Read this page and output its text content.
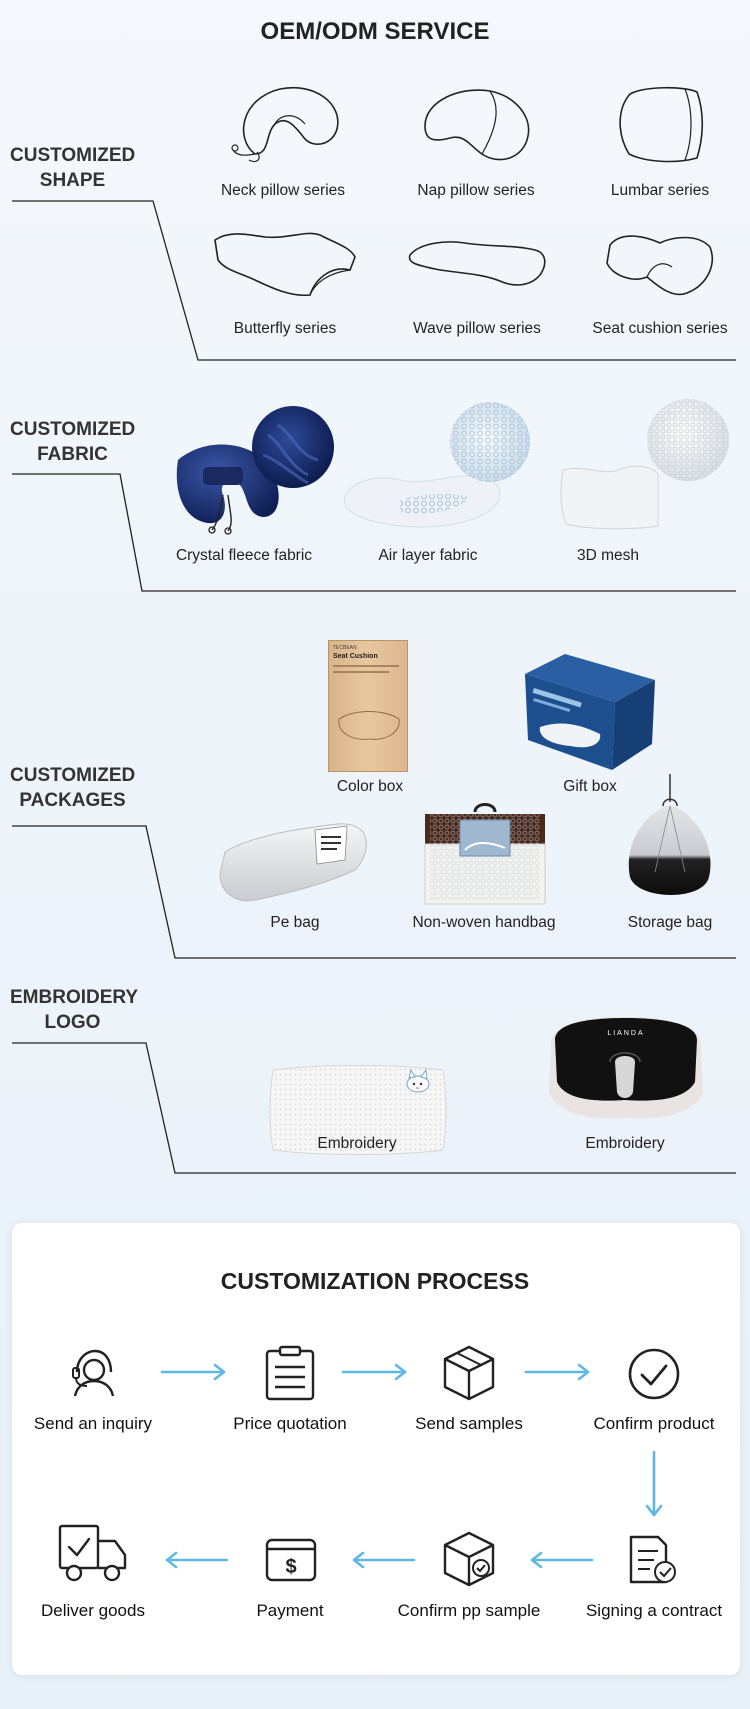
OEM/ODM SERVICE
CUSTOMIZED
SHAPE	Neck pillow series	Nap pillow series	Lumbar series
Butterfly series	Wave pillow series	Seat cushion series
CUSTOMIZED
FABRIC
Crystal fleece fabric	Air layer fabric	3D mesh
CUSTOMIZED
PACKAGES
TECBEAN
Seat Cushion
Color box	Gift box
Pe bag	Non-woven handbag	Storage bag
EMBROIDERY
LOGO
Embroidery
LIANDA
Embroidery
CUSTOMIZATION PROCESS
Send an inquiry	Price quotation	Send samples	Confirm product
$
Deliver goods	Payment	Confirm pp sample	Signing a contract
